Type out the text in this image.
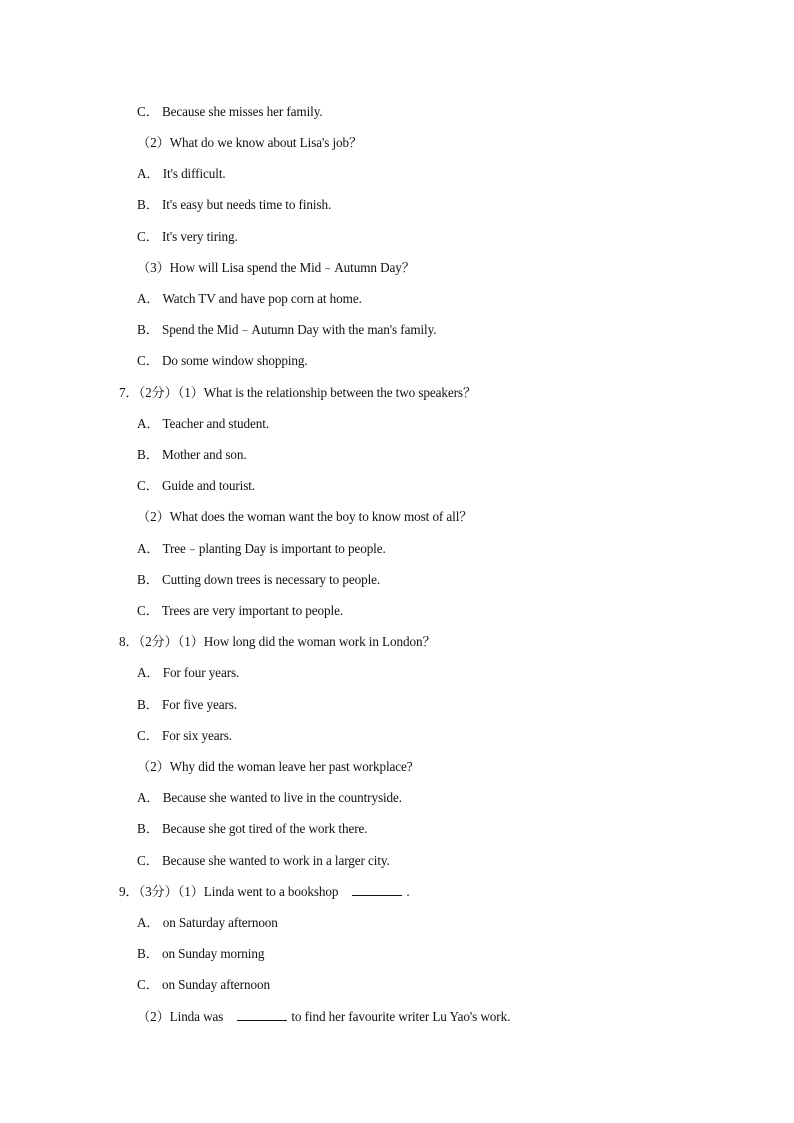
C． Because she misses her family.
（2）What do we know about Lisa's job？
A． It's difficult.
B． It's easy but needs time to finish.
C． It's very tiring.
（3）How will Lisa spend the Mid﹣Autumn Day？
A． Watch TV and have pop corn at home.
B． Spend the Mid﹣Autumn Day with the man's family.
C． Do some window shopping.
7．（2分）（1）What is the relationship between the two speakers？
A． Teacher and student.
B． Mother and son.
C． Guide and tourist.
（2）What does the woman want the boy to know most of all？
A． Tree﹣planting Day is important to people.
B． Cutting down trees is necessary to people.
C． Trees are very important to people.
8．（2分）（1）How long did the woman work in London？
A． For four years.
B． For five years.
C． For six years.
（2）Why did the woman leave her past workplace?
A． Because she wanted to live in the countryside.
B． Because she got tired of the work there.
C． Because she wanted to work in a larger city.
9．（3分）（1）Linda went to a bookshop	.
A． on Saturday afternoon
B． on Sunday morning
C． on Sunday afternoon
（2）Linda was	to find her favourite writer Lu Yao's work.
